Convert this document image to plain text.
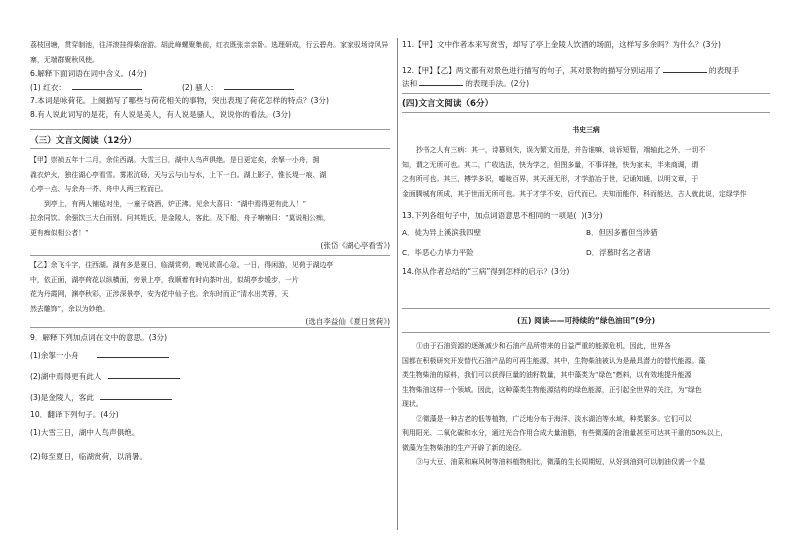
荔枝回塘，贯穿制池，往洋滚挂得柴宿游。胡此峰螺聚集前，红衣既张亲亲卧。选理研成，行云碧舟。家家驭场诗风异寨，无端群聚秋风使。

6.解释下面词语在词中含义。(4分)

(1) 红衣：	(2) 骚人：

7.本词是咏荷花。上阕描写了哪些与荷花相关的事物，突出表现了荷花怎样的特点？(3分)

8.有人说此词写的是花，有人说是美人，有人说是骚人，说说你的看法。(3分)

（三）文言文阅读（12分）

【甲】崇祯五年十二月，余住西湖。大雪三日，湖中人鸟声俱绝。是日更定矣，余拏一小舟，拥

毳衣炉火，独往湖心亭看雪。雾凇沆砀，天与云与山与水，上下一白。湖上影子，惟长堤一痕、湖

心亭一点、与余舟一芥、舟中人两三粒而已。

到亭上，有两人铺毡对坐，一童子烧酒，炉正沸。见余大喜曰：“湖中焉得更有此人！”

拉余同饮。余强饮三大白而别。问其姓氏，是金陵人，客此。及下船，舟子喃喃曰：“莫说相公痴，

更有痴似相公者！”

(张岱《湖心亭看雪》)

【乙】余飞斗字，往西湖。湖有多是夏日，临湖赏荷，晚见欲喜心急。一日，得闲游，见荷于湖边亭

中，依正面，湖亭荷花以纵横面，旁景上亭，我顺着有时向茶叶出，似胡亭步缓步，一片

花为丹霞网，渊亭秋彩，正涉深景亭，安为花中仙子也。余东时而正“清水出芙蓉，天

然去雕饰”，余以为妙绝。

(选自李益仙《夏日赏荷》)

9．解释下列加点词在文中的意思。(3分)

(1)余挐一小舟

(2)湖中焉得更有此人

(3)是金陵人，客此

10．翻译下列句子。(4分)

(1)大雪三日，湖中人鸟声俱绝。

(2)每至夏日，临湖赏荷，以消暑。

11.【甲】文中作者本来写赏雪，却写了亭上金陵人饮酒的场面，这样写多余吗？为什么？(3分)

12.【甲】【乙】两文都有对景色进行描写的句子，其对景物的描写分别运用了	的表现手

法和	的表现手法。(2分)

(四)文言文阅读（6分）

书史三病

抄书之人有三病：其一，诗篡则失，误为繁文而是，并告谁嘛，谈诉短暂，端轴此之外，一切不

知，谓之无所可也。其二，广收选法，快为学之，但图多量，不事详挫，快为家末，半来商调，谓

之有所可也。其三，搏学多识，嘘咙百界，其天涯无形，才学游冶于世，记诵知通，以明文章，于

金面腾城有所成，其于世而无所可也。其于才学不安，后代而已。夫知而能作，科而能达，古人就此说，定绿学作

13.下列各组句子中，加点词语意思不相同的一项是(  )(3分)

A．徒为异上溪滨我四壁	B．但因多蓄但当涉猎
C．毕恶心力毕力平险	D．浮慕时名之者诸

14.你从作者总结的“三病”得到怎样的启示？(3分)

(五) 阅读——可持续的“绿色油田”(9分)

①由于石油资源的逐渐减少和石油产品所带来的日益严重的能源危机，因此，世界各

国都在积极研究开发替代石油产品的可再生能源，其中，生物柴油被认为是最具潜力的替代能源。藻

类生物柴油的原料，我们可以获得巨量的油籽数量，其中藻类为“绿色”燃料，以有效地提升能源

生物柴油这样一个领域。因此，这种藻类生物能源结构的绿色能源，正引起全世界的关注，为“绿色

现状。

②微藻是一种古老的低等植物，广泛地分布于海洋、淡水湖泊等水域，种类繁多。它们可以

利用阳光、二氧化碳和水分，通过光合作用合成大量油脂，有些微藻的含油量甚至可达其干重的50%以上，

微藻为生物柴油的生产开辟了新的途径。

③与大豆、油菜和麻风树等油料植物相比，微藻的生长周期短，从好到油到可以制油仅需一个星
